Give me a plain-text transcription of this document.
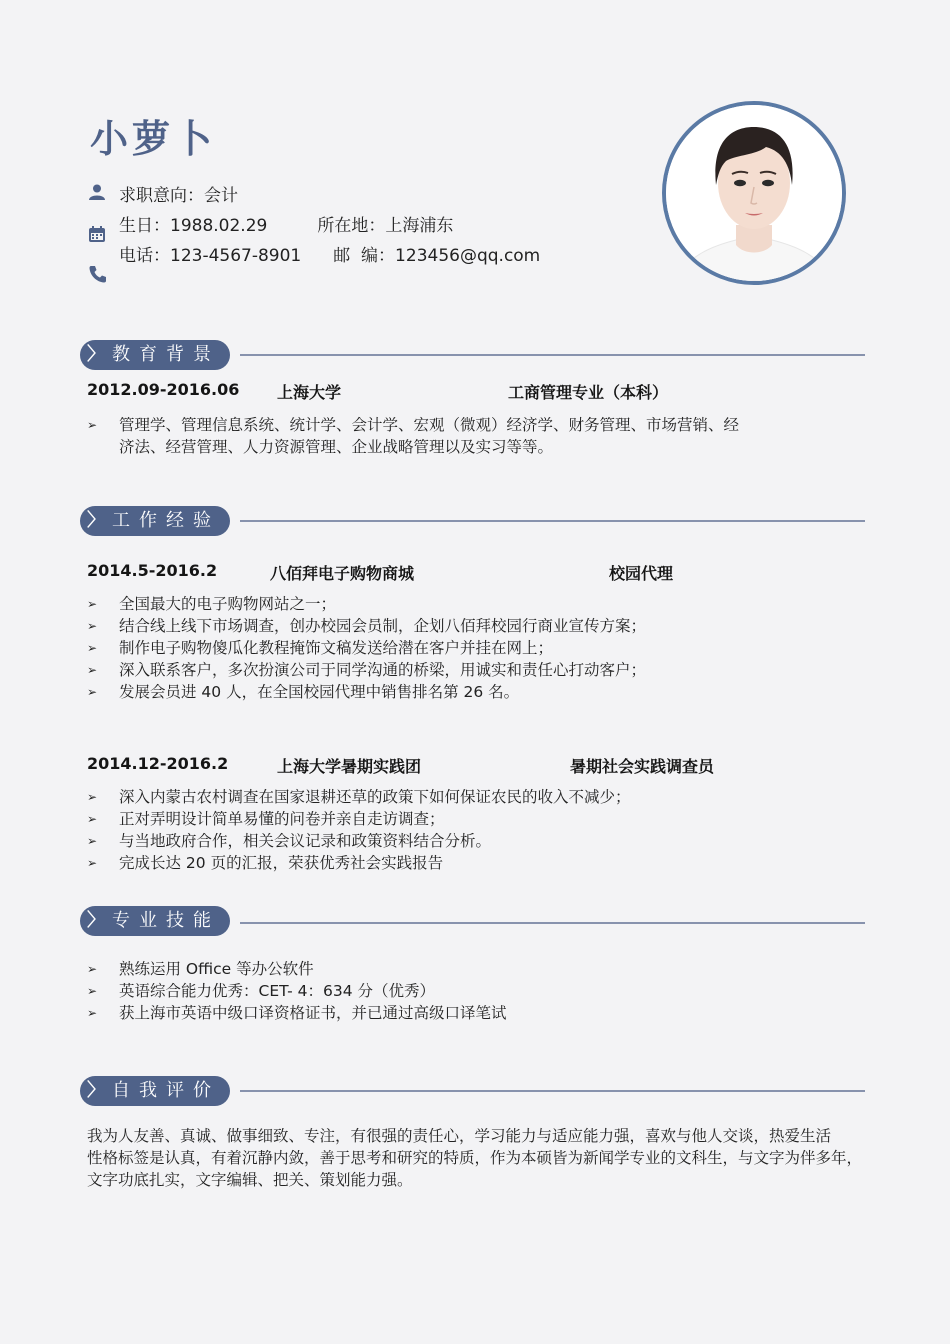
小萝卜
求职意向：会计
生日：1988.02.29	所在地：上海浦东
电话：123-4567-8901 邮  编：123456@qq.com
〉 教育背景
2012.09-2016.06 上海大学	工商管理专业（本科）
➢ 管理学、管理信息系统、统计学、会计学、宏观（微观）经济学、财务管理、市场营销、经
济法、经营管理、人力资源管理、企业战略管理以及实习等等。
〉 工作经验
2014.5-2016.2	八佰拜电子购物商城	校园代理
➢ 全国最大的电子购物网站之一；
➢ 结合线上线下市场调查，创办校园会员制，企划八佰拜校园行商业宣传方案；
➢ 制作电子购物傻瓜化教程掩饰文稿发送给潜在客户并挂在网上；
➢ 深入联系客户，多次扮演公司于同学沟通的桥梁，用诚实和责任心打动客户；
➢ 发展会员进 40 人，在全国校园代理中销售排名第 26 名。
2014.12-2016.2	上海大学暑期实践团	暑期社会实践调查员
➢ 深入内蒙古农村调查在国家退耕还草的政策下如何保证农民的收入不减少；
➢ 正对弄明设计简单易懂的问卷并亲自走访调查；
➢ 与当地政府合作，相关会议记录和政策资料结合分析。
➢ 完成长达 20 页的汇报，荣获优秀社会实践报告
〉 专业技能
➢ 熟练运用 Office 等办公软件
➢ 英语综合能力优秀：CET- 4：634 分（优秀）
➢ 获上海市英语中级口译资格证书，并已通过高级口译笔试
〉 自我评价
我为人友善、真诚、做事细致、专注，有很强的责任心，学习能力与适应能力强，喜欢与他人交谈，热爱生活
性格标签是认真，有着沉静内敛，善于思考和研究的特质，作为本硕皆为新闻学专业的文科生，与文字为伴多年，
文字功底扎实，文字编辑、把关、策划能力强。
